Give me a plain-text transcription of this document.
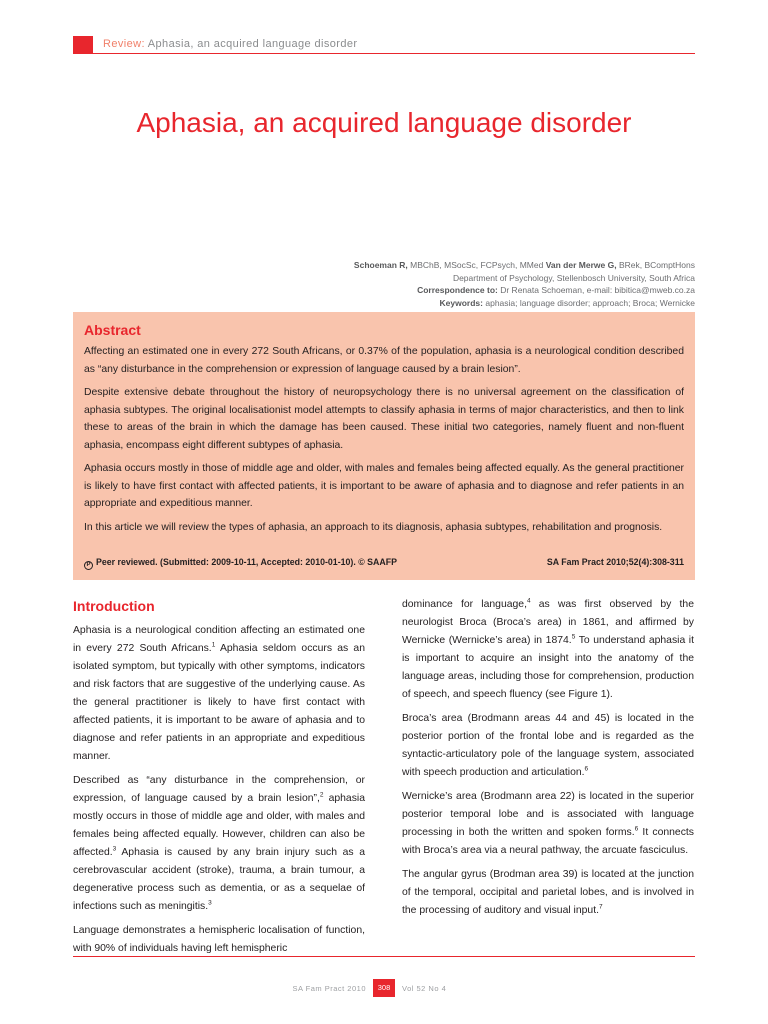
Review: Aphasia, an acquired language disorder
Aphasia, an acquired language disorder
Schoeman R, MBChB, MSocSc, FCPsych, MMed Van der Merwe G, BRek, BComptHons
Department of Psychology, Stellenbosch University, South Africa
Correspondence to: Dr Renata Schoeman, e-mail: bibitica@mweb.co.za
Keywords: aphasia; language disorder; approach; Broca; Wernicke
Abstract

Affecting an estimated one in every 272 South Africans, or 0.37% of the population, aphasia is a neurological condition described as “any disturbance in the comprehension or expression of language caused by a brain lesion”.

Despite extensive debate throughout the history of neuropsychology there is no universal agreement on the classification of aphasia subtypes. The original localisationist model attempts to classify aphasia in terms of major characteristics, and then to link these to areas of the brain in which the damage has been caused. These initial two categories, namely fluent and non-fluent aphasia, encompass eight different subtypes of aphasia.

Aphasia occurs mostly in those of middle age and older, with males and females being affected equally. As the general practitioner is likely to have first contact with affected patients, it is important to be aware of aphasia and to diagnose and refer patients in an appropriate and expeditious manner.

In this article we will review the types of aphasia, an approach to its diagnosis, aphasia subtypes, rehabilitation and prognosis.

P Peer reviewed. (Submitted: 2009-10-11, Accepted: 2010-01-10). © SAAFP	SA Fam Pract 2010;52(4):308-311
Introduction

Aphasia is a neurological condition affecting an estimated one in every 272 South Africans.$^1$ Aphasia seldom occurs as an isolated symptom, but typically with other symptoms, indicators and risk factors that are suggestive of the underlying cause. As the general practitioner is likely to have first contact with affected patients, it is important to be aware of aphasia and to diagnose and refer patients in an appropriate and expeditious manner.

Described as “any disturbance in the comprehension, or expression, of language caused by a brain lesion”,$^2$ aphasia mostly occurs in those of middle age and older, with males and females being affected equally. However, children can also be affected.$^3$ Aphasia is caused by any brain injury such as a cerebrovascular accident (stroke), trauma, a brain tumour, a degenerative process such as dementia, or as a sequelae of infections such as meningitis.$^3$

Language demonstrates a hemispheric localisation of function, with 90% of individuals having left hemispheric

dominance for language,$^4$ as was first observed by the neurologist Broca (Broca’s area) in 1861, and affirmed by Wernicke (Wernicke’s area) in 1874.$^5$ To understand aphasia it is important to acquire an insight into the anatomy of the language areas, including those for comprehension, production of speech, and speech fluency (see Figure 1).

Broca’s area (Brodmann areas 44 and 45) is located in the posterior portion of the frontal lobe and is regarded as the syntactic-articulatory pole of the language system, associated with speech production and articulation.$^6$

Wernicke’s area (Brodmann area 22) is located in the superior posterior temporal lobe and is associated with language processing in both the written and spoken forms.$^6$ It connects with Broca’s area via a neural pathway, the arcuate fasciculus.

The angular gyrus (Brodman area 39) is located at the junction of the temporal, occipital and parietal lobes, and is involved in the processing of auditory and visual input.$^7$

SA Fam Pract 2010	308	Vol 52 No 4
